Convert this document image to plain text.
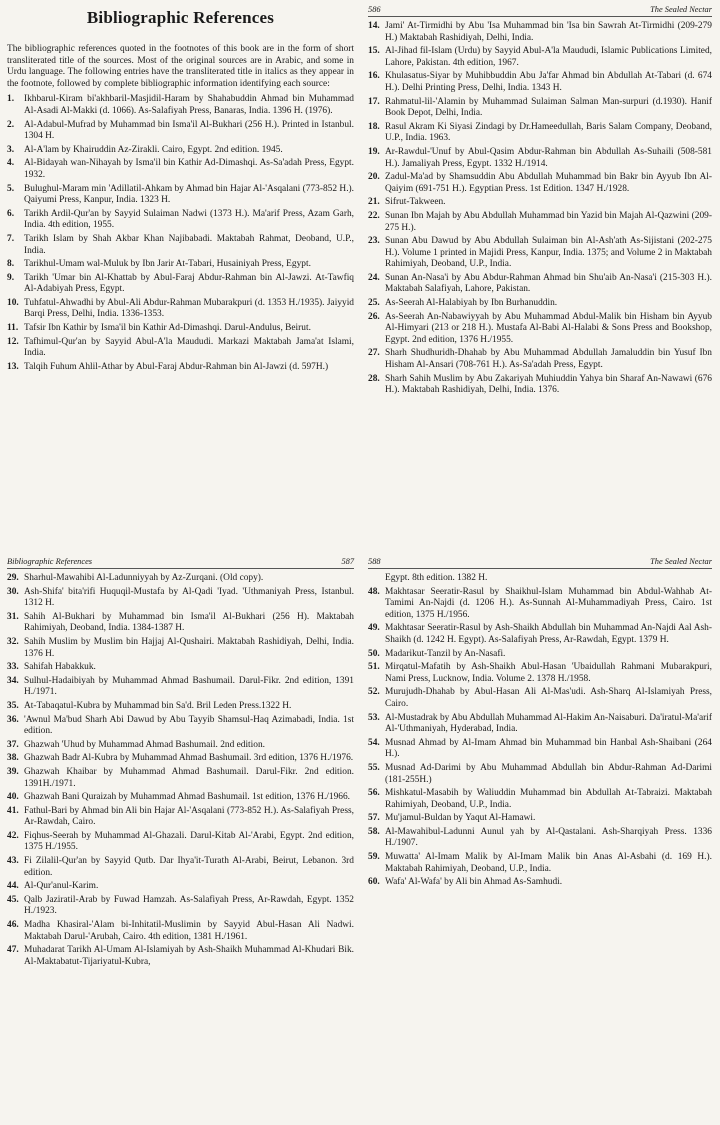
Bibliographic References

The bibliographic references quoted in the footnotes of this book are in the form of short transliterated title of the sources. Most of the original sources are in Arabic, and some in Urdu language. The following entries have the transliterated title in italics as they appear in the footnote, followed by complete bibliographic information identifying each source:

1.	Ikhbarul-Kiram bi'akhbaril-Masjidil-Haram by Shahabuddin Ahmad bin Muhammad Al-Asadi Al-Makki (d. 1066). As-Salafiyah Press, Banaras, India. 1396 H. (1976).
2.	Al-Adabul-Mufrad by Muhammad bin Isma'il Al-Bukhari (256 H.). Printed in Istanbul. 1304 H.
3.	Al-A'lam by Khairuddin Az-Zirakli. Cairo, Egypt. 2nd edition. 1945.
4.	Al-Bidayah wan-Nihayah by Isma'il bin Kathir Ad-Dimashqi. As-Sa'adah Press, Egypt. 1932.
5.	Bulughul-Maram min 'Adillatil-Ahkam by Ahmad bin Hajar Al-'Asqalani (773-852 H.). Qaiyumi Press, Kanpur, India. 1323 H.
6.	Tarikh Ardil-Qur'an by Sayyid Sulaiman Nadwi (1373 H.). Ma'arif Press, Azam Garh, India. 4th edition, 1955.
7.	Tarikh Islam by Shah Akbar Khan Najibabadi. Maktabah Rahmat, Deoband, U.P., India.
8.	Tarikhul-Umam wal-Muluk by Ibn Jarir At-Tabari, Husainiyah Press, Egypt.
9.	Tarikh 'Umar bin Al-Khattab by Abul-Faraj Abdur-Rahman bin Al-Jawzi. At-Tawfiq Al-Adabiyah Press, Egypt.
10. Tuhfatul-Ahwadhi by Abul-Ali Abdur-Rahman Mubarakpuri (d. 1353 H./1935). Jaiyyid Barqi Press, Delhi, India. 1336-1353.
11. Tafsir Ibn Kathir by Isma'il bin Kathir Ad-Dimashqi. Darul-Andulus, Beirut.
12. Tafhimul-Qur'an by Sayyid Abul-A'la Maududi. Markazi Maktabah Jama'at Islami, India.
13. Talqih Fuhum Ahlil-Athar by Abul-Faraj Abdur-Rahman bin Al-Jawzi (d. 597H.)
586	The Sealed Nectar
14. Jami' At-Tirmidhi by Abu 'Isa Muhammad bin 'Isa bin Sawrah At-Tirmidhi (209-279 H.) Maktabah Rashidiyah, Delhi, India.
15. Al-Jihad fil-Islam (Urdu) by Sayyid Abul-A'la Maududi, Islamic Publications Limited, Lahore, Pakistan. 4th edition, 1967.
16. Khulasatus-Siyar by Muhibbuddin Abu Ja'far Ahmad bin Abdullah At-Tabari (d. 674 H.). Delhi Printing Press, Delhi, India. 1343 H.
17. Rahmatul-lil-'Alamin by Muhammad Sulaiman Salman Man-surpuri (d.1930). Hanif Book Depot, Delhi, India.
18. Rasul Akram Ki Siyasi Zindagi by Dr.Hameedullah, Baris Salam Company, Deoband, U.P., India. 1963.
19. Ar-Rawdul-'Unuf by Abul-Qasim Abdur-Rahman bin Abdullah As-Suhaili (508-581 H.). Jamaliyah Press, Egypt. 1332 H./1914.
20. Zadul-Ma'ad by Shamsuddin Abu Abdullah Muhammad bin Bakr bin Ayyub Ibn Al-Qaiyim (691-751 H.). Egyptian Press. 1st Edition. 1347 H./1928.
21. Sifrut-Takween.
22. Sunan Ibn Majah by Abu Abdullah Muhammad bin Yazid bin Majah Al-Qazwini (209-275 H.).
23. Sunan Abu Dawud by Abu Abdullah Sulaiman bin Al-Ash'ath As-Sijistani (202-275 H.). Volume 1 printed in Majidi Press, Kanpur, India. 1375; and Volume 2 in Maktabah Rahimiyah, Deoband, U.P., India.
24. Sunan An-Nasa'i by Abu Abdur-Rahman Ahmad bin Shu'aib An-Nasa'i (215-303 H.). Maktabah Salafiyah, Lahore, Pakistan.
25. As-Seerah Al-Halabiyah by Ibn Burhanuddin.
26. As-Seerah An-Nabawiyyah by Abu Muhammad Abdul-Malik bin Hisham bin Ayyub Al-Himyari (213 or 218 H.). Mustafa Al-Babi Al-Halabi & Sons Press and Bookshop, Egypt. 2nd edition, 1376 H./1955.
27. Sharh Shudhuridh-Dhahab by Abu Muhammad Abdullah Jamaluddin bin Yusuf Ibn Hisham Al-Ansari (708-761 H.). As-Sa'adah Press, Egypt.
28. Sharh Sahih Muslim by Abu Zakariyah Muhiuddin Yahya bin Sharaf An-Nawawi (676 H.). Maktabah Rashidiyah, Delhi, India. 1376.
Bibliographic References	587
29. Sharhul-Mawahibi Al-Ladunniyyah by Az-Zurqani. (Old copy).
30. Ash-Shifa' bita'rifi Huquqil-Mustafa by Al-Qadi 'Iyad. 'Uthmaniyah Press, Istanbul. 1312 H.
31. Sahih Al-Bukhari by Muhammad bin Isma'il Al-Bukhari (256 H). Maktabah Rahimiyah, Deoband, India. 1384-1387 H.
32. Sahih Muslim by Muslim bin Hajjaj Al-Qushairi. Maktabah Rashidiyah, Delhi, India. 1376 H.
33. Sahifah Habakkuk.
34. Sulhul-Hadaibiyah by Muhammad Ahmad Bashumail. Darul-Fikr. 2nd edition, 1391 H./1971.
35. At-Tabaqatul-Kubra by Muhammad bin Sa'd. Bril Leden Press.1322 H.
36. 'Awnul Ma'bud Sharh Abi Dawud by Abu Tayyib Shamsul-Haq Azimabadi, India. 1st edition.
37. Ghazwah 'Uhud by Muhammad Ahmad Bashumail. 2nd edition.
38. Ghazwah Badr Al-Kubra by Muhammad Ahmad Bashumail. 3rd edition, 1376 H./1976.
39. Ghazwah Khaibar by Muhammad Ahmad Bashumail. Darul-Fikr. 2nd edition. 1391H./1971.
40. Ghazwah Bani Quraizah by Muhammad Ahmad Bashumail. 1st edition, 1376 H./1966.
41. Fathul-Bari by Ahmad bin Ali bin Hajar Al-'Asqalani (773-852 H.). As-Salafiyah Press, Ar-Rawdah, Cairo.
42. Fiqhus-Seerah by Muhammad Al-Ghazali. Darul-Kitab Al-'Arabi, Egypt. 2nd edition, 1375 H./1955.
43. Fi Zilalil-Qur'an by Sayyid Qutb. Dar Ihya'it-Turath Al-Arabi, Beirut, Lebanon. 3rd edition.
44. Al-Qur'anul-Karim.
45. Qalb Jaziratil-Arab by Fuwad Hamzah. As-Salafiyah Press, Ar-Rawdah, Egypt. 1352 H./1923.
46. Madha Khasiral-'Alam bi-Inhitatil-Muslimin by Sayyid Abul-Hasan Ali Nadwi. Maktabah Darul-'Arubah, Cairo. 4th edition, 1381 H./1961.
47. Muhadarat Tarikh Al-Umam Al-Islamiyah by Ash-Shaikh Muhammad Al-Khudari Bik. Al-Maktabatut-Tijariyatul-Kubra,
588	The Sealed Nectar
Egypt. 8th edition. 1382 H.
48. Makhtasar Seeratir-Rasul by Shaikhul-Islam Muhammad bin Abdul-Wahhab At-Tamimi An-Najdi (d. 1206 H.). As-Sunnah Al-Muhammadiyah Press, Cairo. 1st edition, 1375 H./1956.
49. Makhtasar Seeratir-Rasul by Ash-Shaikh Abdullah bin Muhammad An-Najdi Aal Ash-Shaikh (d. 1242 H. Egypt). As-Salafiyah Press, Ar-Rawdah, Egypt. 1379 H.
50. Madarikut-Tanzil by An-Nasafi.
51. Mirqatul-Mafatih by Ash-Shaikh Abul-Hasan 'Ubaidullah Rahmani Mubarakpuri, Nami Press, Lucknow, India. Volume 2. 1378 H./1958.
52. Murujudh-Dhahab by Abul-Hasan Ali Al-Mas'udi. Ash-Sharq Al-Islamiyah Press, Cairo.
53. Al-Mustadrak by Abu Abdullah Muhammad Al-Hakim An-Naisaburi. Da'iratul-Ma'arif Al-'Uthmaniyah, Hyderabad, India.
54. Musnad Ahmad by Al-Imam Ahmad bin Muhammad bin Hanbal Ash-Shaibani (264 H.).
55. Musnad Ad-Darimi by Abu Muhammad Abdullah bin Abdur-Rahman Ad-Darimi (181-255H.)
56. Mishkatul-Masabih by Waliuddin Muhammad bin Abdullah At-Tabraizi. Maktabah Rahimiyah, Deoband, U.P., India.
57. Mu'jamul-Buldan by Yaqut Al-Hamawi.
58. Al-Mawahibul-Ladunni Aunul yah by Al-Qastalani. Ash-Sharqiyah Press. 1336 H./1907.
59. Muwatta' Al-Imam Malik by Al-Imam Malik bin Anas Al-Asbahi (d. 169 H.). Maktabah Rahimiyah, Deoband, U.P., India.
60. Wafa' Al-Wafa' by Ali bin Ahmad As-Samhudi.
